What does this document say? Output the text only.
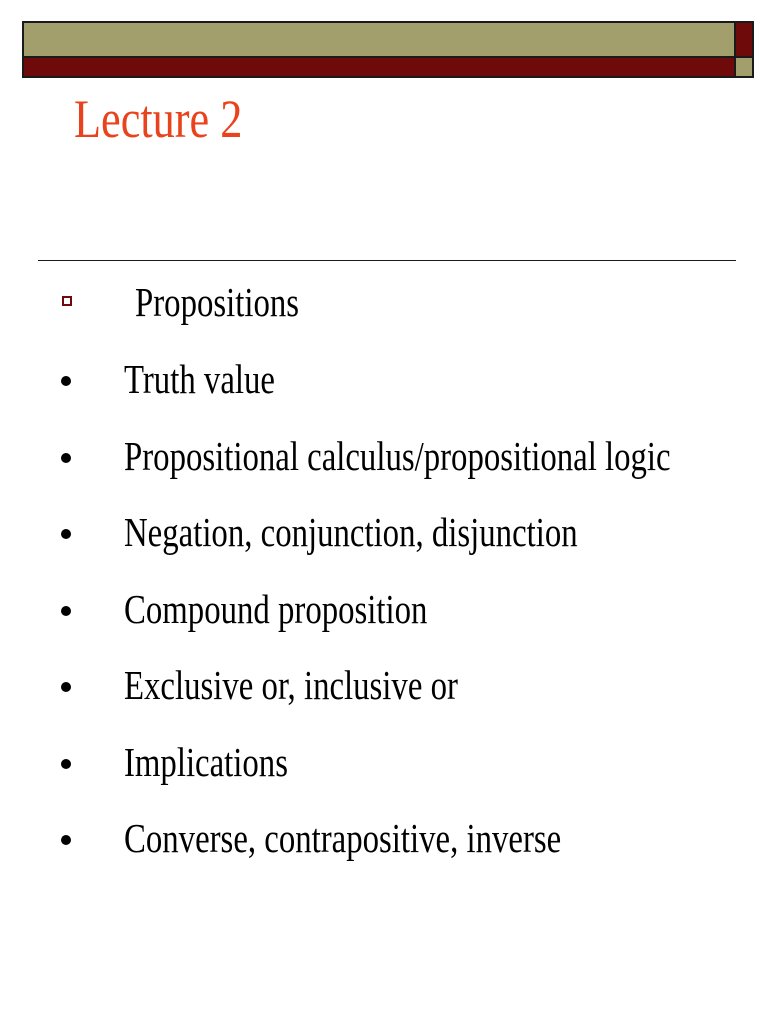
Lecture 2
Propositions
Truth value
Propositional calculus/propositional logic
Negation, conjunction, disjunction
Compound proposition
Exclusive or, inclusive or
Implications
Converse, contrapositive, inverse
